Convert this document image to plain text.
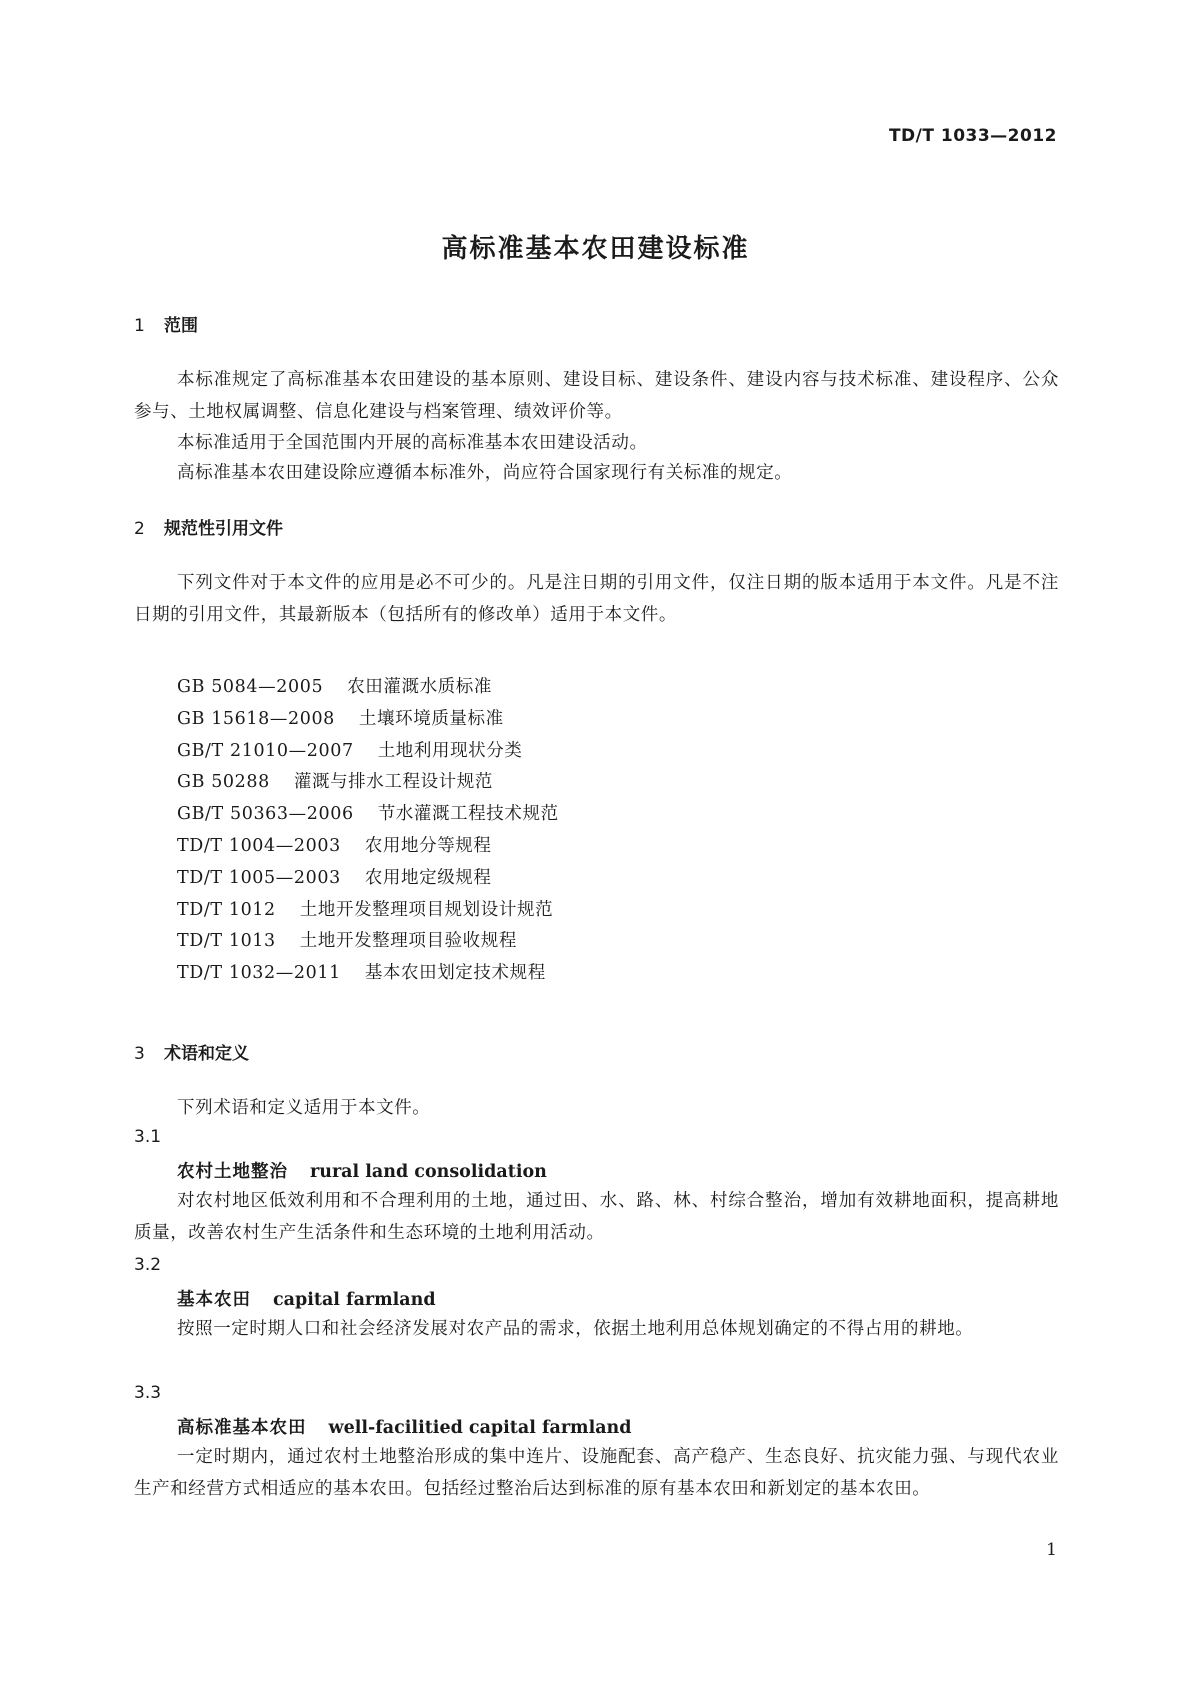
TD/T 1033—2012
高标准基本农田建设标准
1 范围
本标准规定了高标准基本农田建设的基本原则、建设目标、建设条件、建设内容与技术标准、建设程序、公众参与、土地权属调整、信息化建设与档案管理、绩效评价等。
本标准适用于全国范围内开展的高标准基本农田建设活动。
高标准基本农田建设除应遵循本标准外，尚应符合国家现行有关标准的规定。
2 规范性引用文件
下列文件对于本文件的应用是必不可少的。凡是注日期的引用文件，仅注日期的版本适用于本文件。凡是不注日期的引用文件，其最新版本（包括所有的修改单）适用于本文件。
GB 5084—2005 农田灌溉水质标准
GB 15618—2008 土壤环境质量标准
GB/T 21010—2007 土地利用现状分类
GB 50288 灌溉与排水工程设计规范
GB/T 50363—2006 节水灌溉工程技术规范
TD/T 1004—2003 农用地分等规程
TD/T 1005—2003 农用地定级规程
TD/T 1012 土地开发整理项目规划设计规范
TD/T 1013 土地开发整理项目验收规程
TD/T 1032—2011 基本农田划定技术规程
3 术语和定义
下列术语和定义适用于本文件。
3.1
农村土地整治 rural land consolidation
对农村地区低效利用和不合理利用的土地，通过田、水、路、林、村综合整治，增加有效耕地面积，提高耕地质量，改善农村生产生活条件和生态环境的土地利用活动。
3.2
基本农田 capital farmland
按照一定时期人口和社会经济发展对农产品的需求，依据土地利用总体规划确定的不得占用的耕地。
3.3
高标准基本农田 well-facilitied capital farmland
一定时期内，通过农村土地整治形成的集中连片、设施配套、高产稳产、生态良好、抗灾能力强、与现代农业生产和经营方式相适应的基本农田。包括经过整治后达到标准的原有基本农田和新划定的基本农田。
1
